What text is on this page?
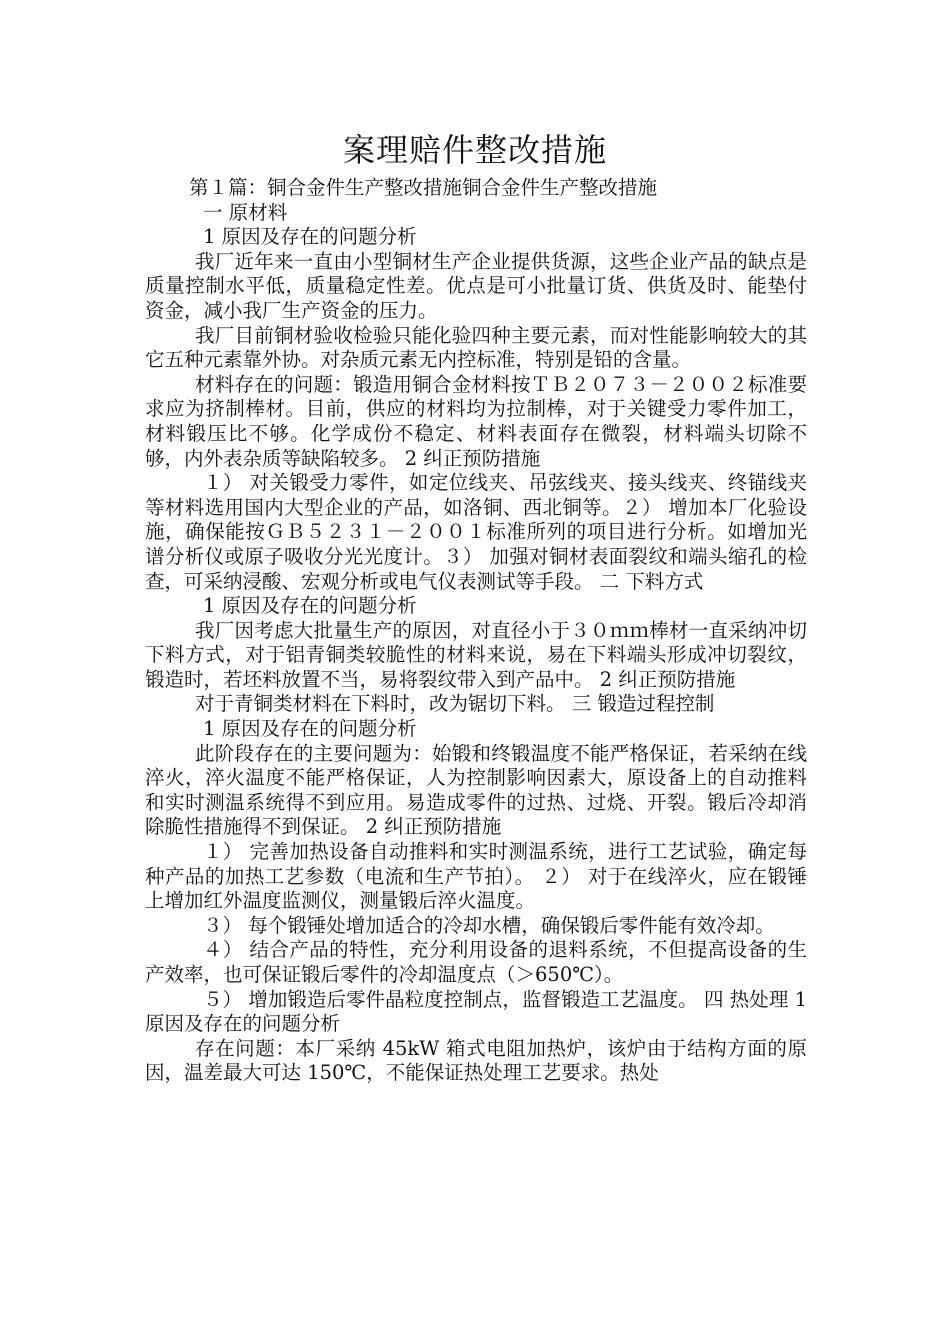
案理赔件整改措施

第１篇：铜合金件生产整改措施铜合金件生产整改措施

一 原材料

1 原因及存在的问题分析

我厂近年来一直由小型铜材生产企业提供货源，这些企业产品的缺点是质量控制水平低，质量稳定性差。优点是可小批量订货、供货及时、能垫付资金，减小我厂生产资金的压力。

我厂目前铜材验收检验只能化验四种主要元素，而对性能影响较大的其它五种元素靠外协。对杂质元素无内控标准，特别是铅的含量。

材料存在的问题：锻造用铜合金材料按ＴＢ２０７３－２００２标准要求应为挤制棒材。目前，供应的材料均为拉制棒，对于关键受力零件加工，材料锻压比不够。化学成份不稳定、材料表面存在微裂，材料端头切除不够，内外表杂质等缺陷较多。 2 纠正预防措施

１） 对关锻受力零件，如定位线夹、吊弦线夹、接头线夹、终锚线夹等材料选用国内大型企业的产品，如洛铜、西北铜等。２） 增加本厂化验设施，确保能按ＧＢ５２３１－２００１标准所列的项目进行分析。如增加光谱分析仪或原子吸收分光光度计。３） 加强对铜材表面裂纹和端头缩孔的检查，可采纳浸酸、宏观分析或电气仪表测试等手段。 二 下料方式

1 原因及存在的问题分析

我厂因考虑大批量生产的原因，对直径小于３０ｍｍ棒材一直采纳冲切下料方式，对于铝青铜类较脆性的材料来说，易在下料端头形成冲切裂纹，锻造时，若坯料放置不当，易将裂纹带入到产品中。 2 纠正预防措施

对于青铜类材料在下料时，改为锯切下料。 三 锻造过程控制

1 原因及存在的问题分析

此阶段存在的主要问题为：始锻和终锻温度不能严格保证，若采纳在线淬火，淬火温度不能严格保证，人为控制影响因素大，原设备上的自动推料和实时测温系统得不到应用。易造成零件的过热、过烧、开裂。锻后冷却消除脆性措施得不到保证。 2 纠正预防措施

１） 完善加热设备自动推料和实时测温系统，进行工艺试验，确定每种产品的加热工艺参数（电流和生产节拍）。 ２） 对于在线淬火，应在锻锤上增加红外温度监测仪，测量锻后淬火温度。

３） 每个锻锤处增加适合的冷却水槽，确保锻后零件能有效冷却。

４） 结合产品的特性，充分利用设备的退料系统，不但提高设备的生产效率，也可保证锻后零件的冷却温度点（＞650℃）。

５） 增加锻造后零件晶粒度控制点，监督锻造工艺温度。 四 热处理 1 原因及存在的问题分析

存在问题：本厂采纳 45kW 箱式电阻加热炉，该炉由于结构方面的原因，温差最大可达 150℃，不能保证热处理工艺要求。热处
